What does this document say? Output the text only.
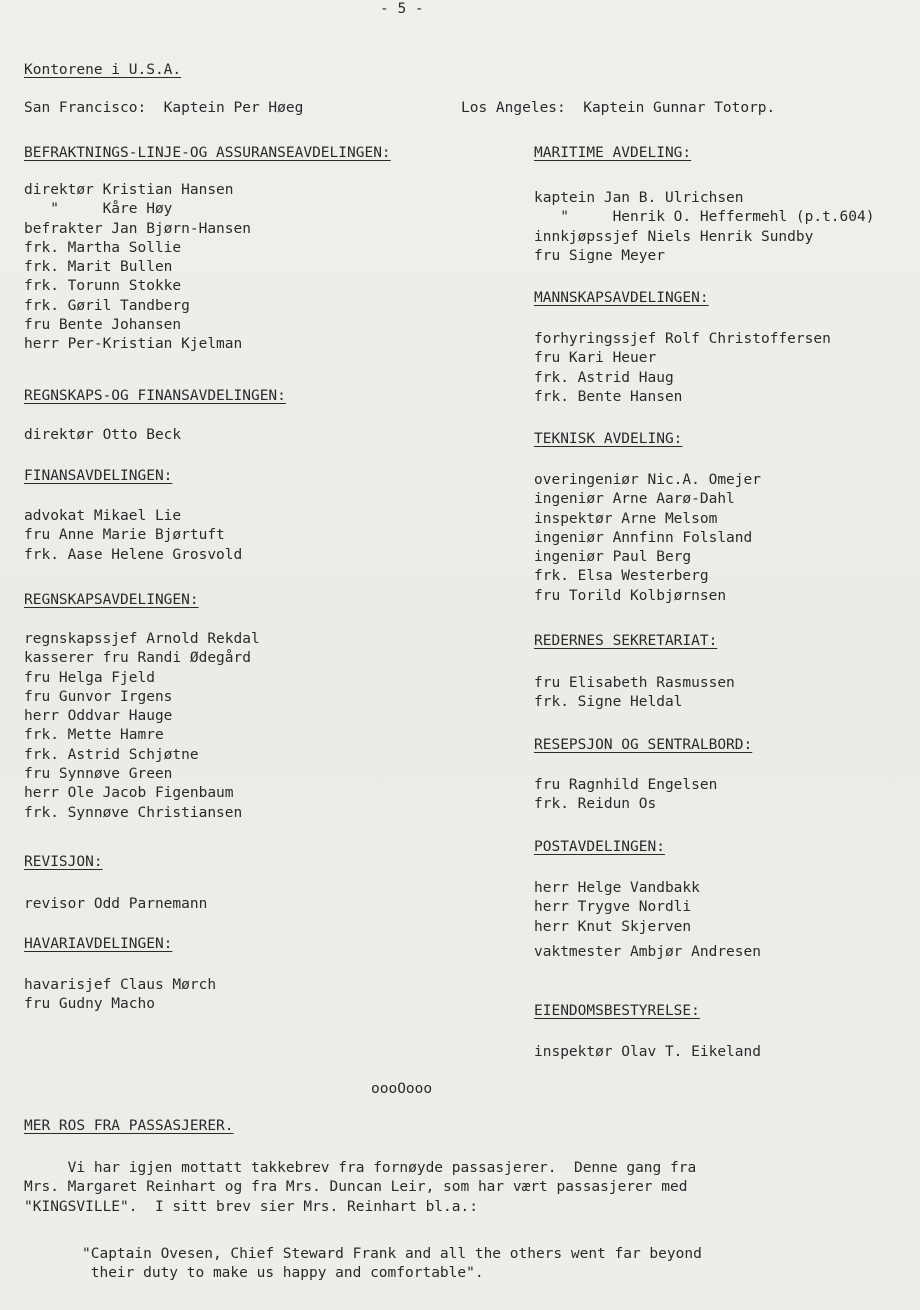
- 5 -
Kontorene i U.S.A.
San Francisco:  Kaptein Per Høeg	Los Angeles:  Kaptein Gunnar Totorp.
BEFRAKTNINGS-LINJE-OG ASSURANSEAVDELINGEN:
direktør Kristian Hansen
"     Kåre Høy
befrakter Jan Bjørn-Hansen
frk. Martha Sollie
frk. Marit Bullen
frk. Torunn Stokke
frk. Gøril Tandberg
fru Bente Johansen
herr Per-Kristian Kjelman
REGNSKAPS-OG FINANSAVDELINGEN:
direktør Otto Beck
FINANSAVDELINGEN:
advokat Mikael Lie
fru Anne Marie Bjørtuft
frk. Aase Helene Grosvold
REGNSKAPSAVDELINGEN:
regnskapssjef Arnold Rekdal
kasserer fru Randi Ødegård
fru Helga Fjeld
fru Gunvor Irgens
herr Oddvar Hauge
frk. Mette Hamre
frk. Astrid Schjøtne
fru Synnøve Green
herr Ole Jacob Figenbaum
frk. Synnøve Christiansen
REVISJON:
revisor Odd Parnemann
HAVARIAVDELINGEN:
havarisjef Claus Mørch
fru Gudny Macho
MARITIME AVDELING:
kaptein Jan B. Ulrichsen
"     Henrik O. Heffermehl (p.t.604)
innkjøpssjef Niels Henrik Sundby
fru Signe Meyer
MANNSKAPSAVDELINGEN:
forhyringssjef Rolf Christoffersen
fru Kari Heuer
frk. Astrid Haug
frk. Bente Hansen
TEKNISK AVDELING:
overingeniør Nic.A. Omejer
ingeniør Arne Aarø-Dahl
inspektør Arne Melsom
ingeniør Annfinn Folsland
ingeniør Paul Berg
frk. Elsa Westerberg
fru Torild Kolbjørnsen
REDERNES SEKRETARIAT:
fru Elisabeth Rasmussen
frk. Signe Heldal
RESEPSJON OG SENTRALBORD:
fru Ragnhild Engelsen
frk. Reidun Os
POSTAVDELINGEN:
herr Helge Vandbakk
herr Trygve Nordli
herr Knut Skjerven
vaktmester Ambjør Andresen
EIENDOMSBESTYRELSE:
inspektør Olav T. Eikeland
oooOooo
MER ROS FRA PASSASJERER.
Vi har igjen mottatt takkebrev fra fornøyde passasjerer.  Denne gang fra
Mrs. Margaret Reinhart og fra Mrs. Duncan Leir, som har vært passasjerer med
"KINGSVILLE".  I sitt brev sier Mrs. Reinhart bl.a.:
"Captain Ovesen, Chief Steward Frank and all the others went far beyond
their duty to make us happy and comfortable".
